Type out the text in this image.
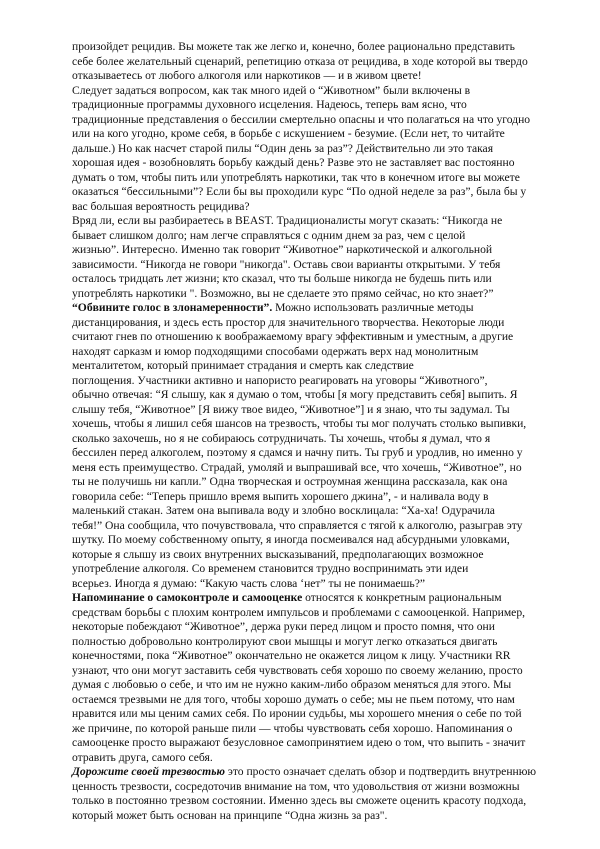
произойдет рецидив. Вы можете так же легко и, конечно, более рационально представить
себе более желательный сценарий, репетицию отказа от рецидива, в ходе которой вы твердо
отказываетесь от любого алкоголя или наркотиков — и в живом цвете!
Следует задаться вопросом, как так много идей о “Животном” были включены в
традиционные программы духовного исцеления. Надеюсь, теперь вам ясно, что
традиционные представления о бессилии смертельно опасны и что полагаться на что угодно
или на кого угодно, кроме себя, в борьбе с искушением - безумие. (Если нет, то читайте
дальше.) Но как насчет старой пилы “Один день за раз”? Действительно ли это такая
хорошая идея - возобновлять борьбу каждый день? Разве это не заставляет вас постоянно
думать о том, чтобы пить или употреблять наркотики, так что в конечном итоге вы можете
оказаться “бессильными”? Если бы вы проходили курс “По одной неделе за раз”, была бы у
вас большая вероятность рецидива?
Вряд ли, если вы разбираетесь в BEAST. Традиционалисты могут сказать: “Никогда не
бывает слишком долго; нам легче справляться с одним днем за раз, чем с целой
жизнью”. Интересно. Именно так говорит “Животное” наркотической и алкогольной
зависимости. “Никогда не говори "никогда". Оставь свои варианты открытыми. У тебя
осталось тридцать лет жизни; кто сказал, что ты больше никогда не будешь пить или
употреблять наркотики ". Возможно, вы не сделаете это прямо сейчас, но кто знает?”
“Обвините голос в злонамеренности”. Можно использовать различные методы
дистанцирования, и здесь есть простор для значительного творчества. Некоторые люди
считают гнев по отношению к воображаемому врагу эффективным и уместным, а другие
находят сарказм и юмор подходящими способами одержать верх над монолитным
менталитетом, который принимает страдания и смерть как следствие
поглощения. Участники активно и напористо реагировать на уговоры “Животного”,
обычно отвечая: “Я слышу, как я думаю о том, чтобы [я могу представить себя] выпить. Я
слышу тебя, “Животное” [Я вижу твое видео, “Животное”] и я знаю, что ты задумал. Ты
хочешь, чтобы я лишил себя шансов на трезвость, чтобы ты мог получать столько выпивки,
сколько захочешь, но я не собираюсь сотрудничать. Ты хочешь, чтобы я думал, что я
бессилен перед алкоголем, поэтому я сдамся и начну пить. Ты груб и уродлив, но именно у
меня есть преимущество. Страдай, умоляй и выпрашивай все, что хочешь, “Животное”, но
ты не получишь ни капли.” Одна творческая и остроумная женщина рассказала, как она
говорила себе: “Теперь пришло время выпить хорошего джина”, - и наливала воду в
маленький стакан. Затем она выпивала воду и злобно восклицала: “Ха-ха! Одурачила
тебя!” Она сообщила, что почувствовала, что справляется с тягой к алкоголю, разыграв эту
шутку. По моему собственному опыту, я иногда посмеивался над абсурдными уловками,
которые я слышу из своих внутренних высказываний, предполагающих возможное
употребление алкоголя. Со временем становится трудно воспринимать эти идеи
всерьез. Иногда я думаю: “Какую часть слова ‘нет” ты не понимаешь?”
Напоминание о самоконтроле и самооценке относятся к конкретным рациональным
средствам борьбы с плохим контролем импульсов и проблемами с самооценкой. Например,
некоторые побеждают “Животное”, держа руки перед лицом и просто помня, что они
полностью добровольно контролируют свои мышцы и могут легко отказаться двигать
конечностями, пока “Животное” окончательно не окажется лицом к лицу. Участники RR
узнают, что они могут заставить себя чувствовать себя хорошо по своему желанию, просто
думая с любовью о себе, и что им не нужно каким-либо образом меняться для этого. Мы
остаемся трезвыми не для того, чтобы хорошо думать о себе; мы не пьем потому, что нам
нравится или мы ценим самих себя. По иронии судьбы, мы хорошего мнения о себе по той
же причине, по которой раньше пили — чтобы чувствовать себя хорошо. Напоминания о
самооценке просто выражают безусловное самопринятием идею о том, что выпить - значит
отравить друга, самого себя.
Дорожите своей трезвостью это просто означает сделать обзор и подтвердить внутреннюю
ценность трезвости, сосредоточив внимание на том, что удовольствия от жизни возможны
только в постоянно трезвом состоянии. Именно здесь вы сможете оценить красоту подхода,
который может быть основан на принципе “Одна жизнь за раз".
